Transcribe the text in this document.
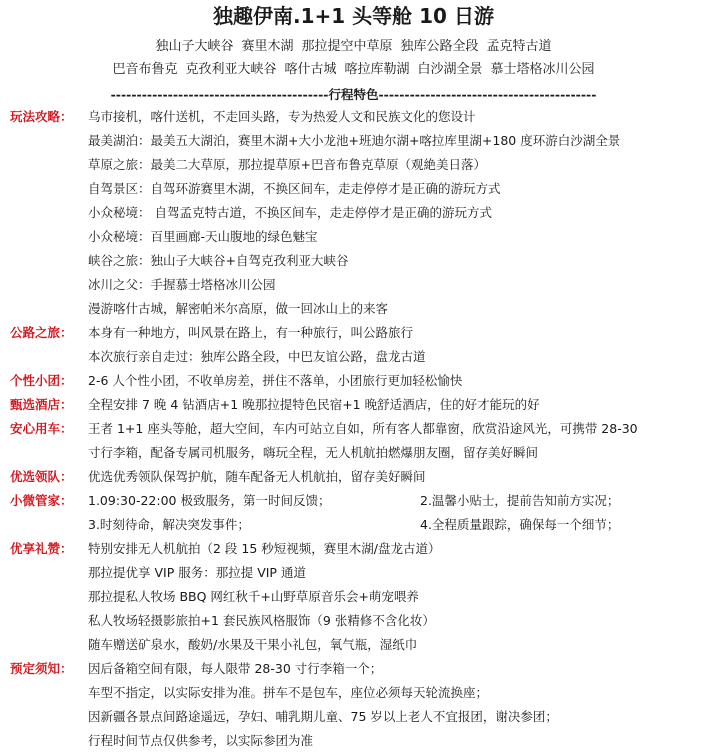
独趣伊南.1+1 头等舱 10 日游
独山子大峡谷 赛里木湖 那拉提空中草原 独库公路全段 孟克特古道
巴音布鲁克 克孜利亚大峡谷 喀什古城 喀拉库勒湖 白沙湖全景 慕士塔格冰川公园
------------------------------------------行程特色------------------------------------------
玩法攻略： 乌市接机，喀什送机，不走回头路，专为热爱人文和民族文化的您设计
最美湖泊：最美五大湖泊，赛里木湖+大小龙池+班迪尔湖+喀拉库里湖+180 度环游白沙湖全景
草原之旅：最美二大草原，那拉提草原+巴音布鲁克草原（观絶美日落）
自驾景区：自驾环游赛里木湖，不换区间车，走走停停才是正确的游玩方式
小众秘境： 自驾孟克特古道，不换区间车，走走停停才是正确的游玩方式
小众秘境：百里画廊-天山腹地的绿色魅宝
峡谷之旅：独山子大峡谷+自驾克孜利亚大峡谷
冰川之父：手握慕士塔格冰川公园
漫游喀什古城，解密帕米尔高原，做一回冰山上的来客
公路之旅： 本身有一种地方，叫风景在路上，有一种旅行，叫公路旅行
本次旅行亲自走过：独库公路全段，中巴友谊公路，盘龙古道
个性小团： 2-6 人个性小团，不收单房差，拼住不落单，小团旅行更加轻松愉快
甄选酒店： 全程安排 7 晚 4 钻酒店+1 晚那拉提特色民宿+1 晚舒适酒店，住的好才能玩的好
安心用车： 王者 1+1 座头等舱，超大空间，车内可站立自如，所有客人都靠窗，欣赏沿途风光，可携带 28-30
寸行李箱，配备专属司机服务，嗨玩全程，无人机航拍燃爆朋友圈，留存美好瞬间
优选领队： 优选优秀领队保驾护航，随车配备无人机航拍，留存美好瞬间
小微管家： 1.09:30-22:00 极致服务，第一时间反馈；	2.温馨小贴士，提前告知前方实况；
3.时刻待命，解决突发事件；	4.全程质量跟踪，确保每一个细节；
优享礼赞： 特别安排无人机航拍（2 段 15 秒短视频，赛里木湖/盘龙古道）
那拉提优享 VIP 服务：那拉提 VIP 通道
那拉提私人牧场 BBQ 网红秋千+山野草原音乐会+萌宠喂养
私人牧场轻摄影旅拍+1 套民族风格服饰（9 张精修不含化妆）
随车赠送矿泉水，酸奶/水果及干果小礼包，氧气瓶，湿纸巾
预定须知： 因后备箱空间有限，每人限带 28-30 寸行李箱一个；
车型不指定，以实际安排为准。拼车不是包车，座位必须每天轮流换座；
因新疆各景点间路途遥远，孕妇、哺乳期儿童、75 岁以上老人不宜报团，谢决参团；
行程时间节点仅供参考，以实际参团为准
